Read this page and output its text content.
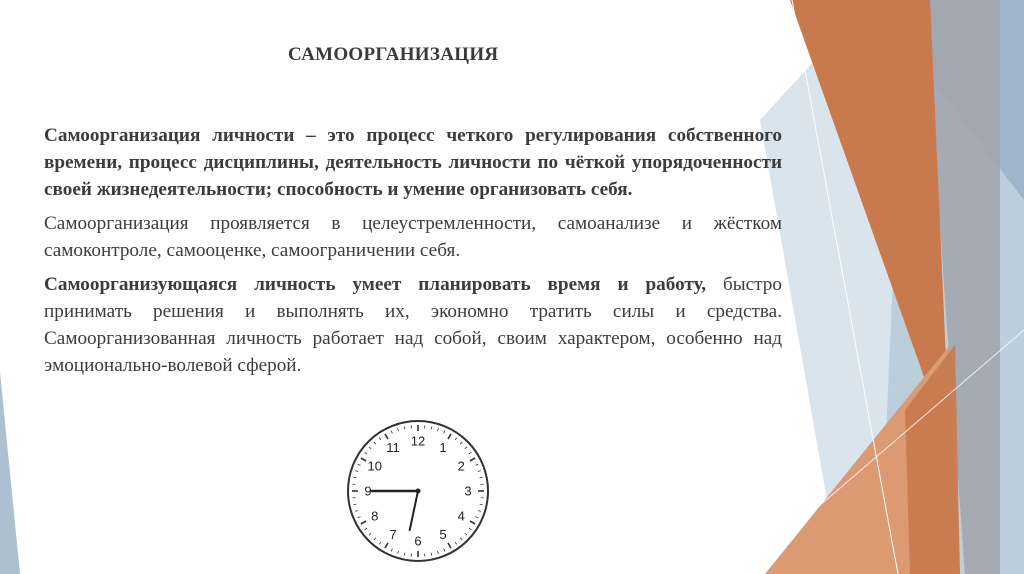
САМООРГАНИЗАЦИЯ

Самоорганизация личности – это процесс четкого регулирования собственного времени, процесс дисциплины, деятельность личности по чёткой упорядоченности своей жизнедеятельности; способность и умение организовать себя.

Самоорганизация проявляется в целеустремленности, самоанализе и жёстком самоконтроле, самооценке, самоограничении себя.

Самоорганизующаяся личность умеет планировать время и работу, быстро принимать решения и выполнять их, экономно тратить силы и средства. Самоорганизованная личность работает над собой, своим характером, особенно над эмоционально-волевой сферой.

12 1
2
3
4
5
6
7
8
9
10
11
